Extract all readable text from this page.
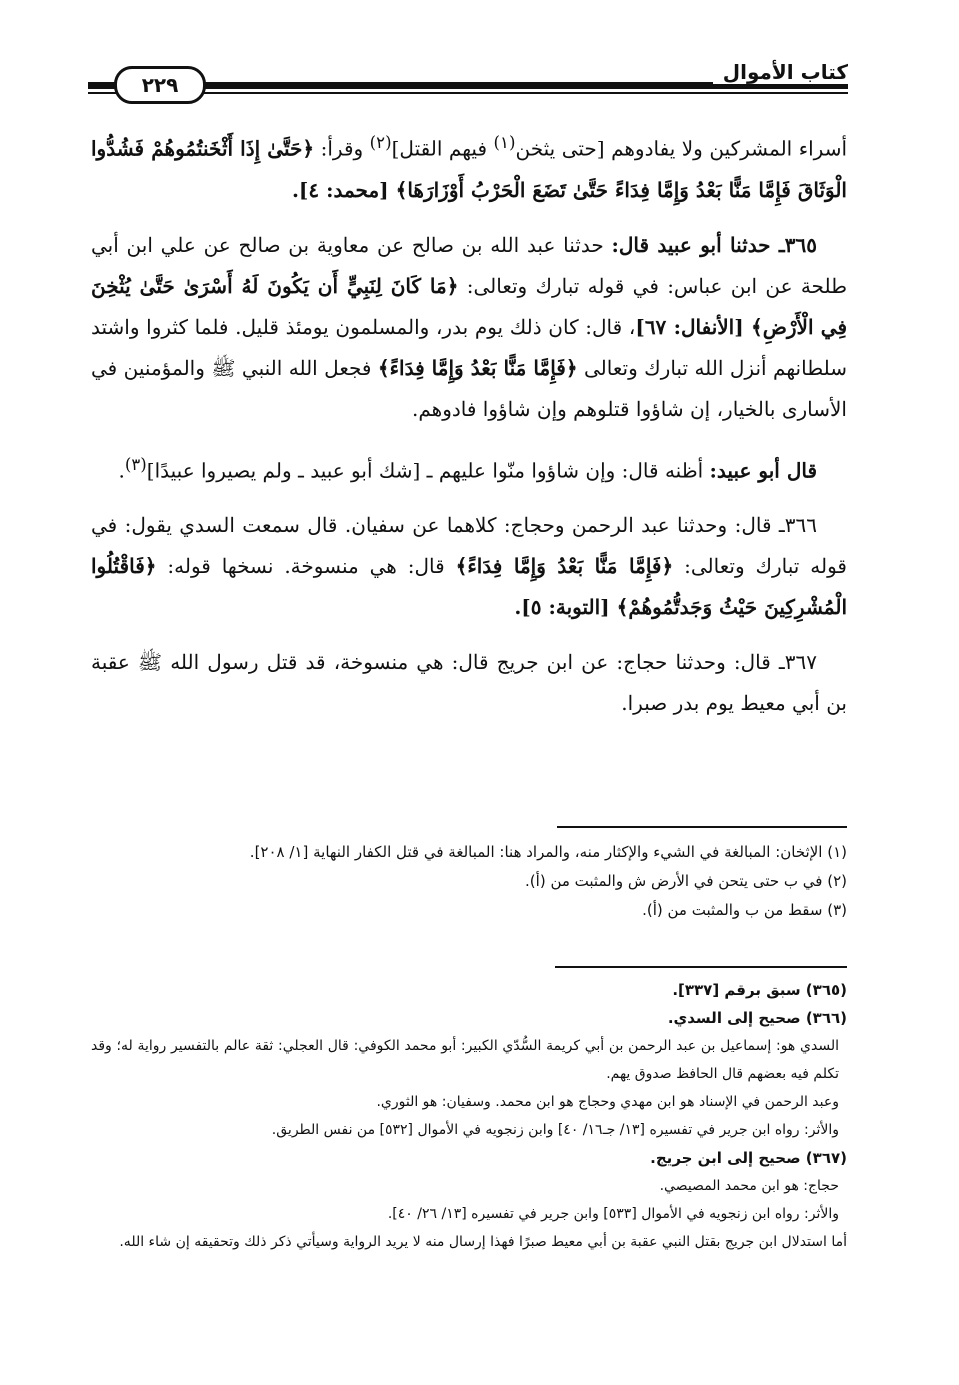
كتاب الأموال
٢٢٩

أسراء المشركين ولا يفادوهم [حتى يثخن$^{(١)}$ فيهم القتل]$^{(٢)}$ وقرأ: ﴿حَتَّىٰ إِذَا أَثْخَنتُمُوهُمْ فَشُدُّوا الْوَثَاقَ فَإِمَّا مَنًّا بَعْدُ وَإِمَّا فِدَاءً حَتَّىٰ تَضَعَ الْحَرْبُ أَوْزَارَهَا﴾ [محمد: ٤].

٣٦٥ـ حدثنا أبو عبيد قال: حدثنا عبد الله بن صالح عن معاوية بن صالح عن علي ابن أبي طلحة عن ابن عباس: في قوله تبارك وتعالى: ﴿مَا كَانَ لِنَبِيٍّ أَن يَكُونَ لَهُ أَسْرَىٰ حَتَّىٰ يُثْخِنَ فِي الْأَرْضِ﴾ [الأنفال: ٦٧]، قال: كان ذلك يوم بدر، والمسلمون يومئذ قليل. فلما كثروا واشتد سلطانهم أنزل الله تبارك وتعالى ﴿فَإِمَّا مَنًّا بَعْدُ وَإِمَّا فِدَاءً﴾ فجعل الله النبي ﷺ والمؤمنين في الأسارى بالخيار، إن شاؤوا قتلوهم وإن شاؤوا فادوهم.

قال أبو عبيد: أظنه قال: وإن شاؤوا منّوا عليهم ـ [شك أبو عبيد ـ ولم يصيروا عبيدًا]$^{(٣)}$.

٣٦٦ـ قال: وحدثنا عبد الرحمن وحجاج: كلاهما عن سفيان. قال سمعت السدي يقول: في قوله تبارك وتعالى: ﴿فَإِمَّا مَنًّا بَعْدُ وَإِمَّا فِدَاءً﴾ قال: هي منسوخة. نسخها قوله: ﴿فَاقْتُلُوا الْمُشْرِكِينَ حَيْثُ وَجَدتُّمُوهُمْ﴾ [التوبة: ٥].

٣٦٧ـ قال: وحدثنا حجاج: عن ابن جريج قال: هي منسوخة، قد قتل رسول الله ﷺ عقبة بن أبي معيط يوم بدر صبرا.

(١) الإثخان: المبالغة في الشيء والإكثار منه، والمراد هنا: المبالغة في قتل الكفار النهاية [١/ ٢٠٨].
(٢) في ب حتى يتحن في الأرض ش والمثبت من (أ).
(٣) سقط من ب والمثبت من (أ).
(٣٦٥) سبق برقم [٣٣٧].
(٣٦٦) صحيح إلى السدي.
السدي هو: إسماعيل بن عبد الرحمن بن أبي كريمة السُّدّي الكبير: أبو محمد الكوفي: قال العجلي: ثقة عالم بالتفسير رواية له؛ وقد تكلم فيه بعضهم قال الحافظ صدوق يهم.
وعبد الرحمن في الإسناد هو ابن مهدي وحجاج هو ابن محمد. وسفيان: هو الثوري.
والأثر: رواه ابن جرير في تفسيره [١٣/ جـ١٦/ ٤٠] وابن زنجويه في الأموال [٥٣٢] من نفس الطريق.
(٣٦٧) صحيح إلى ابن جريج.
حجاج: هو ابن محمد المصيصي.
والأثر: رواه ابن زنجويه في الأموال [٥٣٣] وابن جرير في تفسيره [١٣/ ٢٦/ ٤٠].
أما استدلال ابن جريج بقتل النبي عقبة بن أبي معيط صبرًا فهذا إرسال منه لا يريد الرواية وسيأتي ذكر ذلك وتحقيقه إن شاء الله.
